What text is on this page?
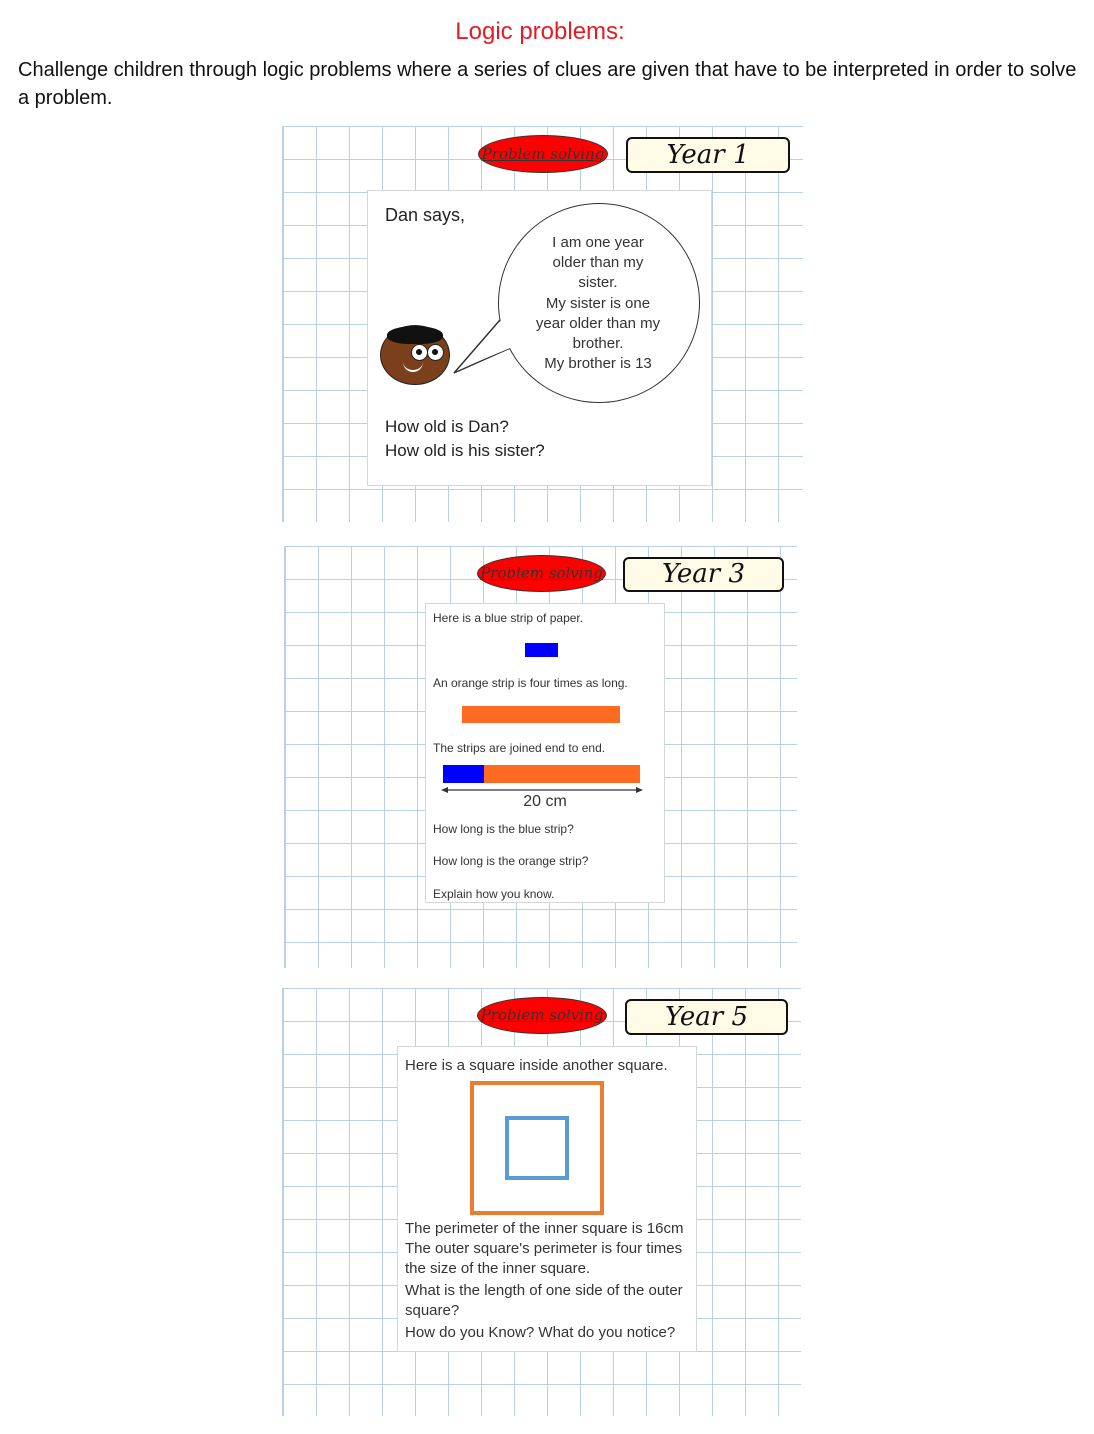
Logic problems:
Challenge children through logic problems where a series of clues are given that have to be interpreted in order to solve a problem.
Problem solving	Year 1
Dan says,
I am one year
older than my
sister.
My sister is one
year older than my
brother.
My brother is 13
How old is Dan?
How old is his sister?
Problem solving	Year 3
Here is a blue strip of paper.
An orange strip is four times as long.
The strips are joined end to end.
20 cm
How long is the blue strip?
How long is the orange strip?
Explain how you know.
Problem solving	Year 5
Here is a square inside another square.
The perimeter of the inner square is 16cm
The outer square's perimeter is four times
the size of the inner square.
What is the length of one side of the outer
square?
How do you Know? What do you notice?
